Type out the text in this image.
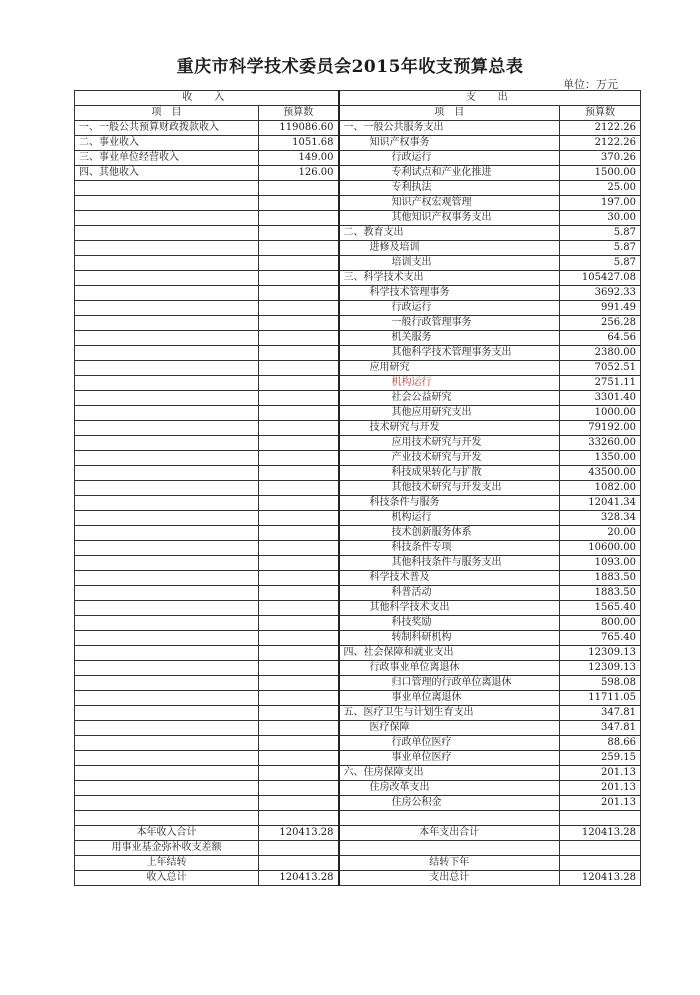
重庆市科学技术委员会2015年收支预算总表
单位：万元
收　入		支　出	
项　目	预算数	项　目	预算数
一、一般公共预算财政拨款收入	119086.60	一、一般公共服务支出	2122.26
二、事业收入	1051.68	知识产权事务	2122.26
三、事业单位经营收入	149.00	行政运行	370.26
四、其他收入	126.00	专利试点和产业化推进	1500.00
		专利执法	25.00
		知识产权宏观管理	197.00
		其他知识产权事务支出	30.00
		二、教育支出	5.87
		进修及培训	5.87
		培训支出	5.87
		三、科学技术支出	105427.08
		科学技术管理事务	3692.33
		行政运行	991.49
		一般行政管理事务	256.28
		机关服务	64.56
		其他科学技术管理事务支出	2380.00
		应用研究	7052.51
		机构运行	2751.11
		社会公益研究	3301.40
		其他应用研究支出	1000.00
		技术研究与开发	79192.00
		应用技术研究与开发	33260.00
		产业技术研究与开发	1350.00
		科技成果转化与扩散	43500.00
		其他技术研究与开发支出	1082.00
		科技条件与服务	12041.34
		机构运行	328.34
		技术创新服务体系	20.00
		科技条件专项	10600.00
		其他科技条件与服务支出	1093.00
		科学技术普及	1883.50
		科普活动	1883.50
		其他科学技术支出	1565.40
		科技奖励	800.00
		转制科研机构	765.40
		四、社会保障和就业支出	12309.13
		行政事业单位离退休	12309.13
		归口管理的行政单位离退休	598.08
		事业单位离退休	11711.05
		五、医疗卫生与计划生育支出	347.81
		医疗保障	347.81
		行政单位医疗	88.66
		事业单位医疗	259.15
		六、住房保障支出	201.13
		住房改革支出	201.13
		住房公积金	201.13

本年收入合计	120413.28	本年支出合计	120413.28
用事业基金弥补收支差额			
上年结转		结转下年	
收入总计	120413.28	支出总计	120413.28
